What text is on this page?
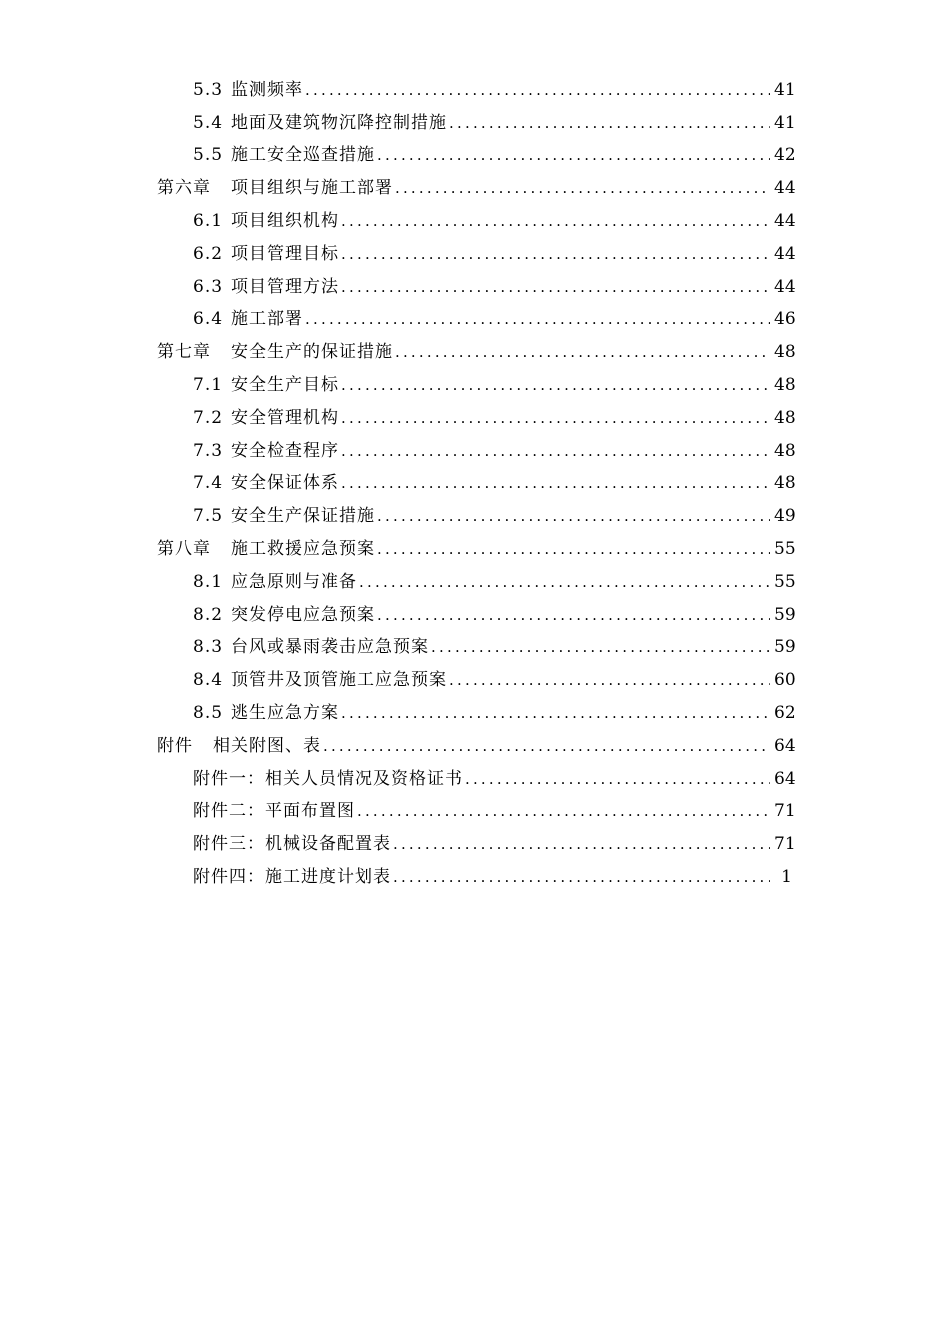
5.3 监测频率 .....	41
5.4 地面及建筑物沉降控制措施 .....	41
5.5 施工安全巡查措施 .....	42
第六章 项目组织与施工部署 .....	44
6.1 项目组织机构 .....	44
6.2 项目管理目标 .....	44
6.3 项目管理方法 .....	44
6.4 施工部署 .....	46
第七章 安全生产的保证措施 .....	48
7.1 安全生产目标 .....	48
7.2 安全管理机构 .....	48
7.3 安全检查程序 .....	48
7.4 安全保证体系 .....	48
7.5 安全生产保证措施 .....	49
第八章 施工救援应急预案 .....	55
8.1 应急原则与准备 .....	55
8.2 突发停电应急预案 .....	59
8.3 台风或暴雨袭击应急预案 .....	59
8.4 顶管井及顶管施工应急预案 .....	60
8.5 逃生应急方案 .....	62
附件 相关附图、表 .....	64
附件一：相关人员情况及资格证书 .....	64
附件二：平面布置图 .....	71
附件三：机械设备配置表 .....	71
附件四：施工进度计划表 .....	1
